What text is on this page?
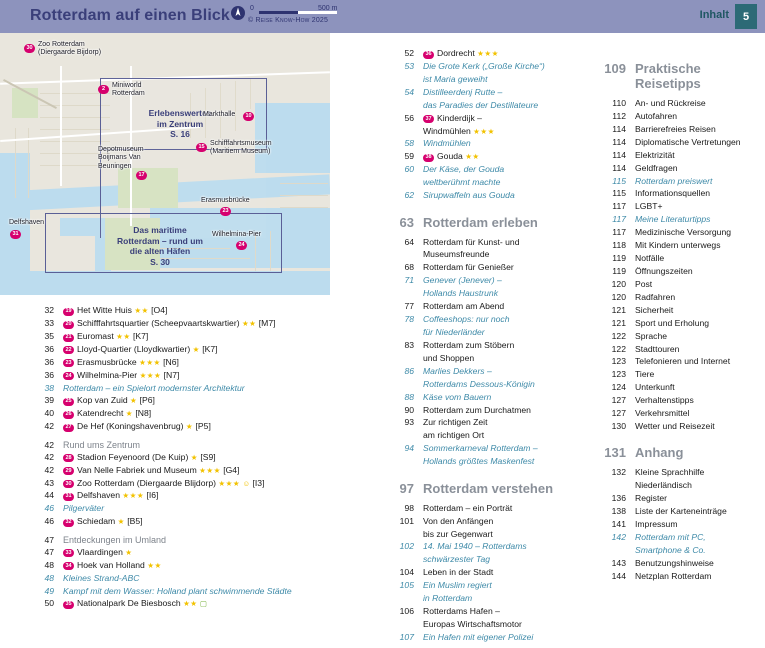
Rotterdam auf einen Blick	0	500 m
© Reise Know-How 2025	Inhalt	5
Erlebenswertes
im Zentrum
S. 16
Das maritime
Rotterdam – rund um
die alten Häfen
S. 30
30
Zoo Rotterdam
(Diergaarde Bijdorp)
2
Miniworld
Rotterdam
10
Markthalle
15
Schifffahrtsmuseum
(Maritiem Museum)
17
Depotmuseum
Boijmans Van
Beuningen
31
Delfshaven
23
Erasmusbrücke
24
Wilhelmina-Pier
32	19 Het Witte Huis ★★ [O4]
33	20 Schifffahrtsquartier (Scheepvaartskwartier) ★★ [M7]
35	21 Euromast ★★ [K7]
36	22 Lloyd-Quartier (Lloydkwartier) ★ [K7]
36	23 Erasmusbrücke ★★★ [N6]
36	24 Wilhelmina-Pier ★★★ [N7]
38	Rotterdam – ein Spielort modernster Architektur
39	25 Kop van Zuid ★ [P6]
40	26 Katendrecht ★ [N8]
42	27 De Hef (Koningshavenbrug) ★ [P5]
42	Rund ums Zentrum
42	28 Stadion Feyenoord (De Kuip) ★ [S9]
42	29 Van Nelle Fabriek und Museum ★★★ [G4]
43	30 Zoo Rotterdam (Diergaarde Blijdorp) ★★★ ☺ [I3]
44	31 Delfshaven ★★★ [I6]
46	Pilgerväter
46	32 Schiedam ★ [B5]
47	Entdeckungen im Umland
47	33 Vlaardingen ★
48	34 Hoek van Holland ★★
48	Kleines Strand-ABC
49	Kampf mit dem Wasser: Holland plant schwimmende Städte
50	35 Nationalpark De Biesbosch ★★ ▢
52	36 Dordrecht ★★★
53	Die Grote Kerk („Große Kirche“)
ist Maria geweiht
54	Distilleerdenj Rutte –
das Paradies der Destillateure
56	37 Kinderdijk –
Windmühlen ★★★
58	Windmühlen
59	38 Gouda ★★
60	Der Käse, der Gouda
weltberühmt machte
62	Sirupwaffeln aus Gouda
63 Rotterdam erleben
64	Rotterdam für Kunst- und
Museumsfreunde
68	Rotterdam für Genießer
71	Genever (Jenever) –
Hollands Haustrunk
77	Rotterdam am Abend
78	Coffeeshops: nur noch
für Niederländer
83	Rotterdam zum Stöbern
und Shoppen
86	Marlies Dekkers –
Rotterdams Dessous-Königin
88	Käse vom Bauern
90	Rotterdam zum Durchatmen
93	Zur richtigen Zeit
am richtigen Ort
94	Sommerkarneval Rotterdam –
Hollands größtes Maskenfest
97 Rotterdam verstehen
98	Rotterdam – ein Porträt
101	Von den Anfängen
bis zur Gegenwart
102	14. Mai 1940 – Rotterdams
schwärzester Tag
104	Leben in der Stadt
105	Ein Muslim regiert
in Rotterdam
106	Rotterdams Hafen –
Europas Wirtschaftsmotor
107	Ein Hafen mit eigener Polizei
109 Praktische Reisetipps
110	An- und Rückreise
112	Autofahren
114	Barrierefreies Reisen
114	Diplomatische Vertretungen
114	Elektrizität
114	Geldfragen
115	Rotterdam preiswert
115	Informationsquellen
117	LGBT+
117	Meine Literaturtipps
117	Medizinische Versorgung
118	Mit Kindern unterwegs
119	Notfälle
119	Öffnungszeiten
120	Post
120	Radfahren
121	Sicherheit
121	Sport und Erholung
122	Sprache
122	Stadttouren
123	Telefonieren und Internet
123	Tiere
124	Unterkunft
127	Verhaltenstipps
127	Verkehrsmittel
130	Wetter und Reisezeit
131 Anhang
132	Kleine Sprachhilfe
Niederländisch
136	Register
138	Liste der Karteneinträge
141	Impressum
142	Rotterdam mit PC,
Smartphone & Co.
143	Benutzungshinweise
144	Netzplan Rotterdam
